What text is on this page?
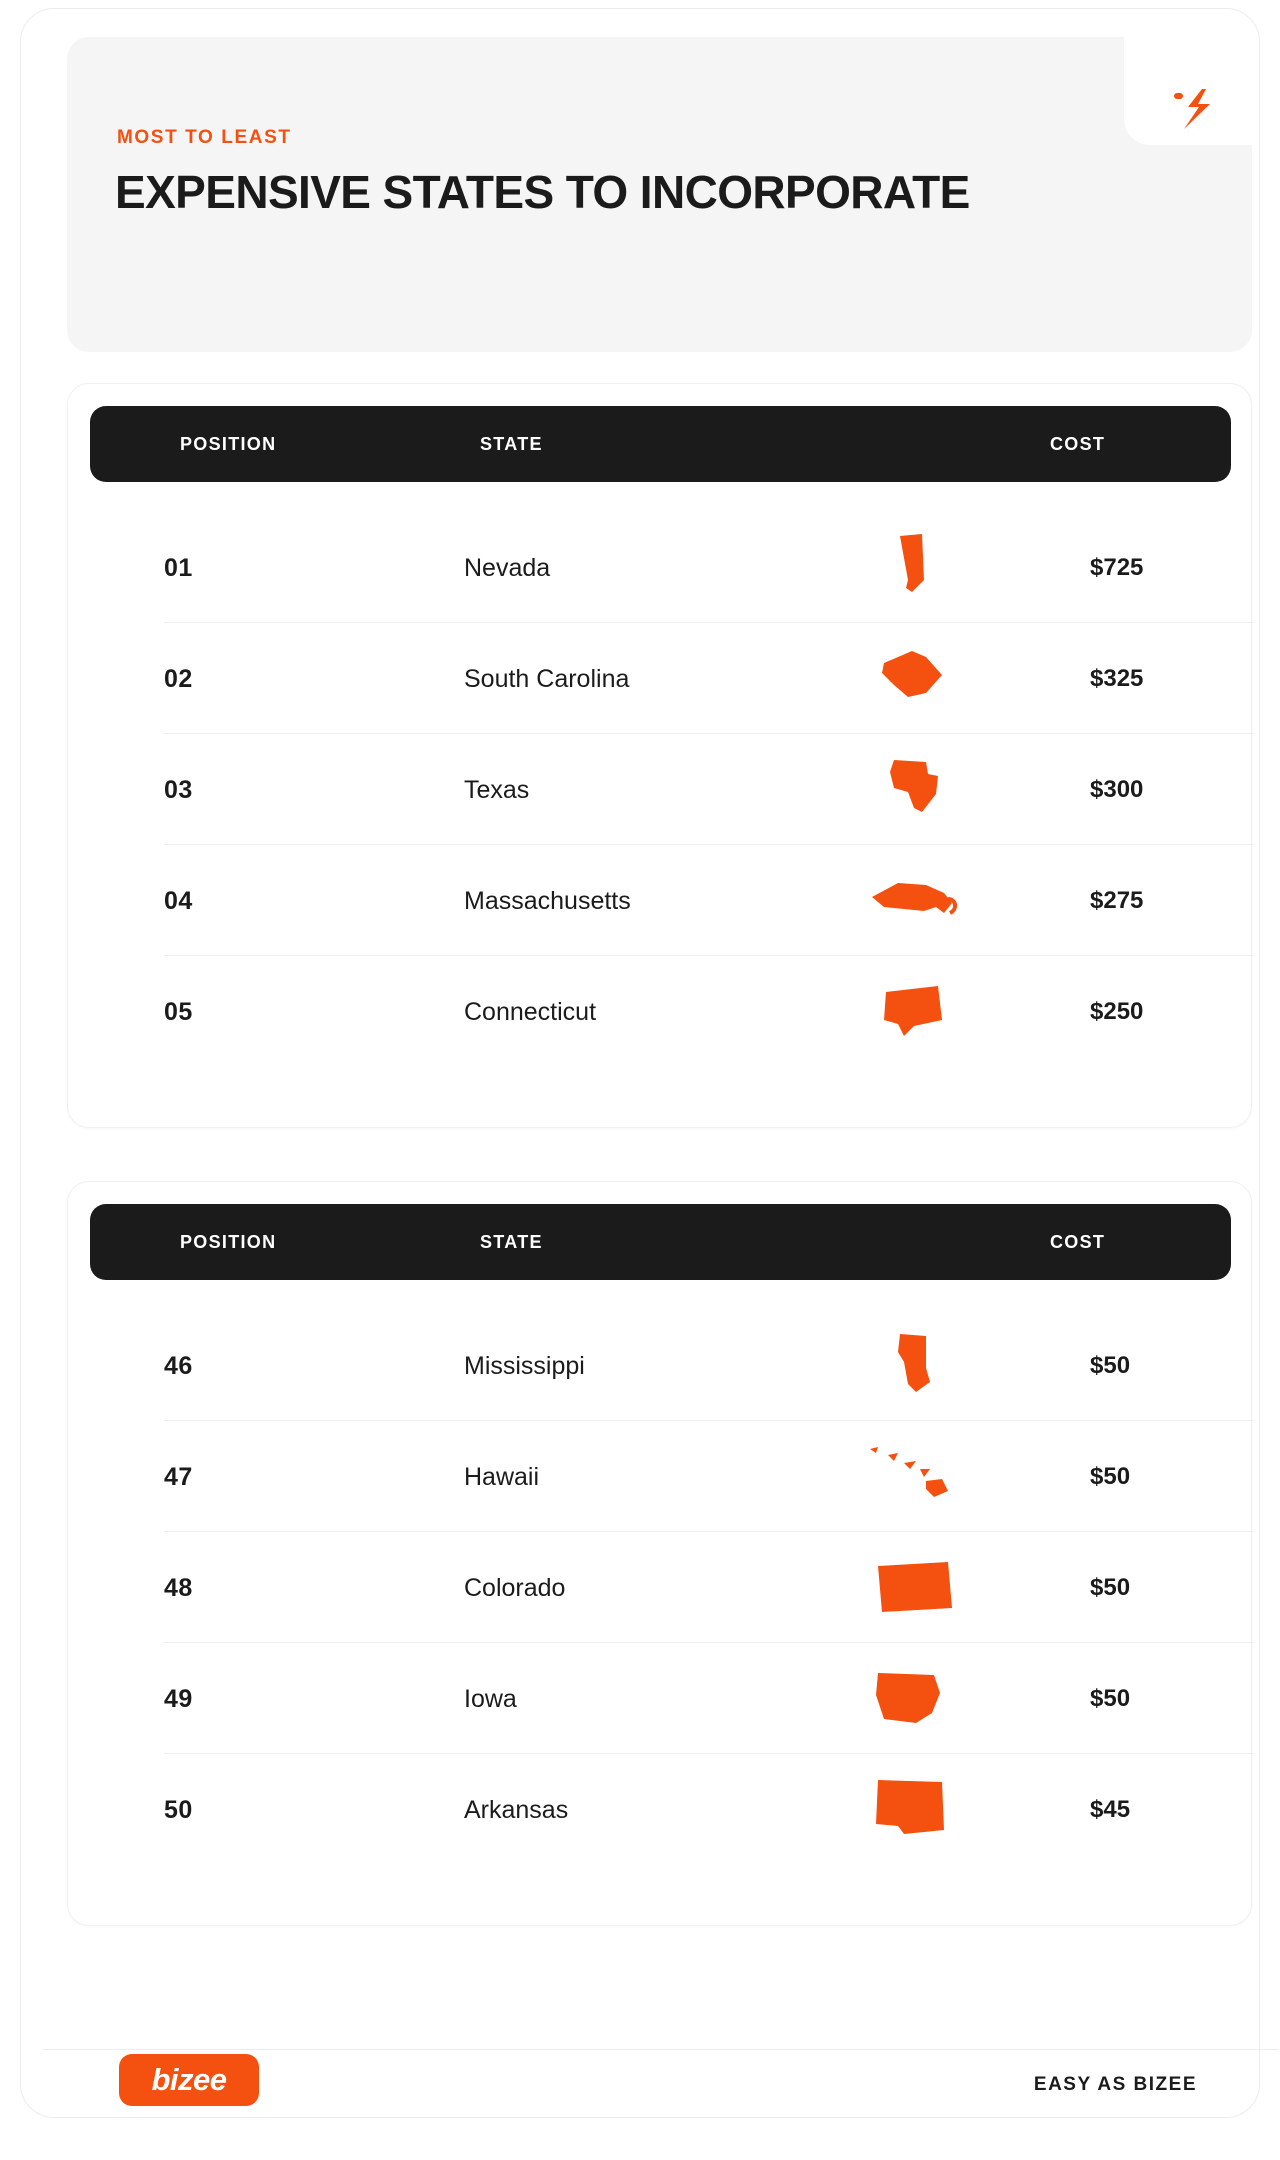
MOST TO LEAST
EXPENSIVE STATES TO INCORPORATE
POSITION	STATE	COST
01	Nevada	$725
02	South Carolina	$325
03	Texas	$300
04	Massachusetts	$275
05	Connecticut	$250
POSITION	STATE	COST
46	Mississippi	$50
47	Hawaii	$50
48	Colorado	$50
49	Iowa	$50
50	Arkansas	$45
bizee	EASY AS BIZEE
